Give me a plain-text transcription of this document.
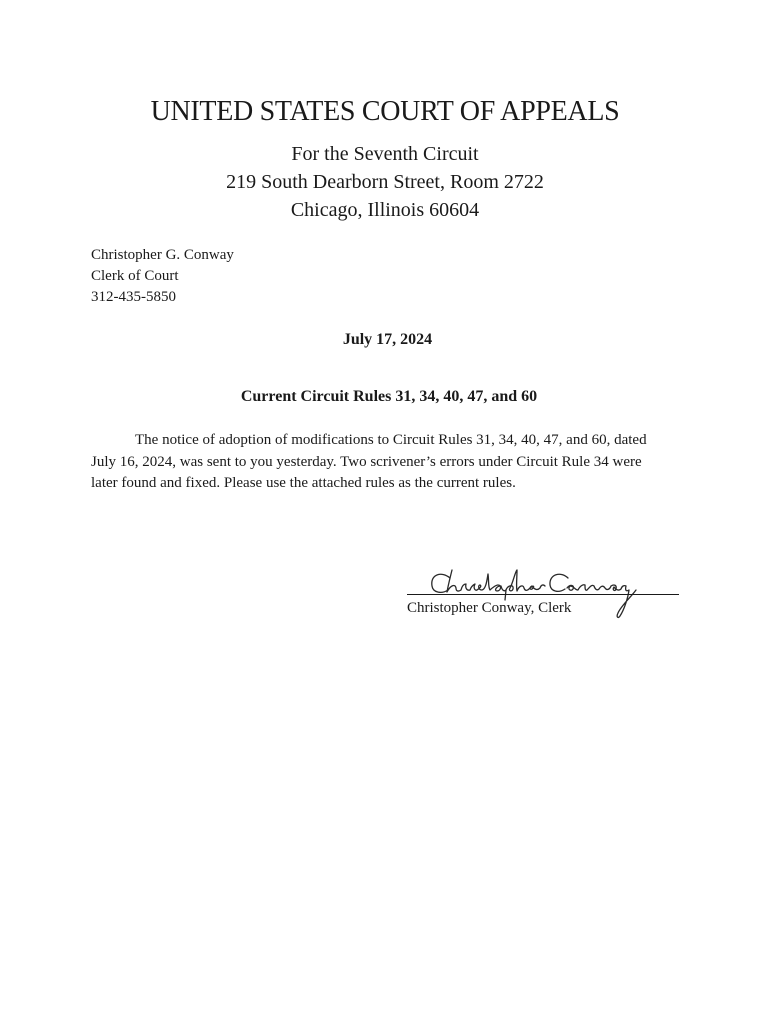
UNITED STATES COURT OF APPEALS
For the Seventh Circuit
219 South Dearborn Street, Room 2722
Chicago, Illinois 60604
Christopher G. Conway
Clerk of Court
312-435-5850
July 17, 2024
Current Circuit Rules 31, 34, 40, 47, and 60

The notice of adoption of modifications to Circuit Rules 31, 34, 40, 47, and 60, dated July 16, 2024, was sent to you yesterday. Two scrivener’s errors under Circuit Rule 34 were later found and fixed. Please use the attached rules as the current rules.

Christopher Conway, Clerk
